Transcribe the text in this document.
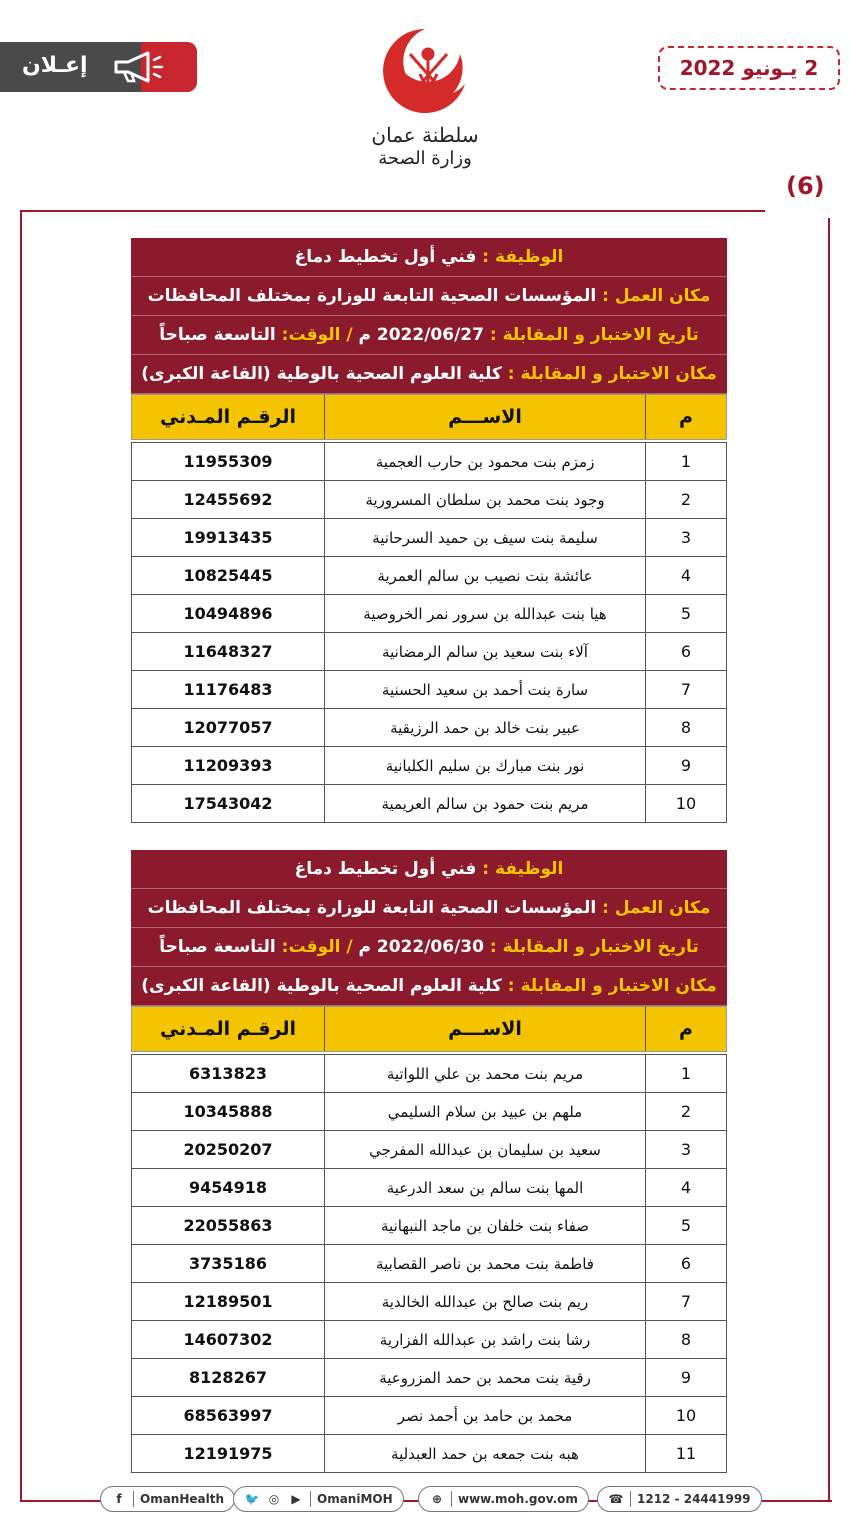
إعـلان	2 يـونيو 2022
ﺳﻠﻄﻨﺔ ﻋﻤﺎﻥ
ﻭﺯﺍﺭﺓ ﺍﻟﺼﺤﺔ
(6)
الوظيفة :

فني أول تخطيط دماغ
مكان العمل :

المؤسسات الصحية التابعة للوزارة بمختلف المحافظات
تاريخ الاختبار و المقابلة :

2022/06/27 م

/ الوقت:

التاسعة صباحاً
مكان الاختبار و المقابلة :

كلية العلوم الصحية بالوطية (القاعة الكبرى)
م
الاســـم
الرقـم المـدني
1
زمزم بنت محمود بن حارب العجمية
11955309
2
وجود بنت محمد بن سلطان المسرورية
12455692
3
سليمة بنت سيف بن حميد السرحانية
19913435
4
عائشة بنت نصيب بن سالم العمرية
10825445
5
هيا بنت عبدالله بن سرور نمر الخروصية
10494896
6
آلاء بنت سعيد بن سالم الرمضانية
11648327
7
سارة بنت أحمد بن سعيد الحسنية
11176483
8
عبير بنت خالد بن حمد الرزيقية
12077057
9
نور بنت مبارك بن سليم الكلبانية
11209393
10
مريم بنت حمود بن سالم العريمية
17543042
الوظيفة :

فني أول تخطيط دماغ
مكان العمل :

المؤسسات الصحية التابعة للوزارة بمختلف المحافظات
تاريخ الاختبار و المقابلة :

2022/06/30 م

/ الوقت:

التاسعة صباحاً
مكان الاختبار و المقابلة :

كلية العلوم الصحية بالوطية (القاعة الكبرى)
م
الاســـم
الرقـم المـدني
1
مريم بنت محمد بن علي اللواتية
6313823
2
ملهم بن عبيد بن سلام السليمي
10345888
3
سعيد بن سليمان بن عبدالله المفرجي
20250207
4
المها بنت سالم بن سعد الدرعية
9454918
5
صفاء بنت خلفان بن ماجد النبهانية
22055863
6
فاطمة بنت محمد بن ناصر القصابية
3735186
7
ريم بنت صالح بن عبدالله الخالدية
12189501
8
رشا بنت راشد بن عبدالله الفزارية
14607302
9
رقية بنت محمد بن حمد المزروعية
8128267
10
محمد بن حامد بن أحمد نصر
68563997
11
هبه بنت جمعه بن حمد العبدلية
12191975
f	OmanHealth 🐦 ◎ ▶ OmaniMOH	⊕ www.moh.gov.om	☎ 1212 - 24441999
